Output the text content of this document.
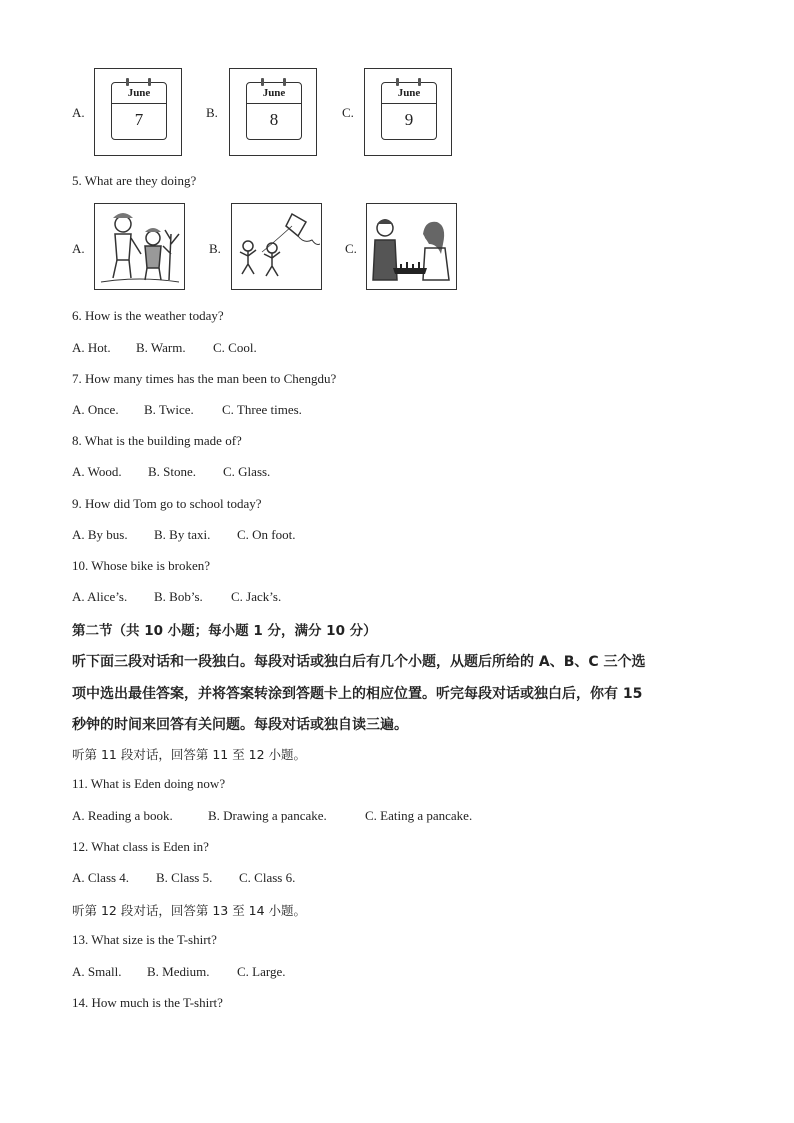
A.
June
7	B.
June
8	C.
June
9
5. What are they doing?
A.	B.	C.
6. How is the weather today?
A. Hot. B. Warm. C. Cool.
7. How many times has the man been to Chengdu?
A. Once. B. Twice. C. Three times.
8. What is the building made of?
A. Wood. B. Stone. C. Glass.
9. How did Tom go to school today?
A. By bus. B. By taxi. C. On foot.
10. Whose bike is broken?
A. Alice’s. B. Bob’s. C. Jack’s.
第二节（共 10 小题；每小题 1 分，满分 10 分）
听下面三段对话和一段独白。每段对话或独白后有几个小题，从题后所给的 A、B、C 三个选
项中选出最佳答案，并将答案转涂到答题卡上的相应位置。听完每段对话或独白后，你有 15
秒钟的时间来回答有关问题。每段对话或独自读三遍。
听第 11 段对话，回答第 11 至 12 小题。
11. What is Eden doing now?
A. Reading a book.	B. Drawing a pancake.	C. Eating a pancake.
12. What class is Eden in?
A. Class 4. B. Class 5. C. Class 6.
听第 12 段对话，回答第 13 至 14 小题。
13. What size is the T-shirt?
A. Small. B. Medium. C. Large.
14. How much is the T-shirt?
